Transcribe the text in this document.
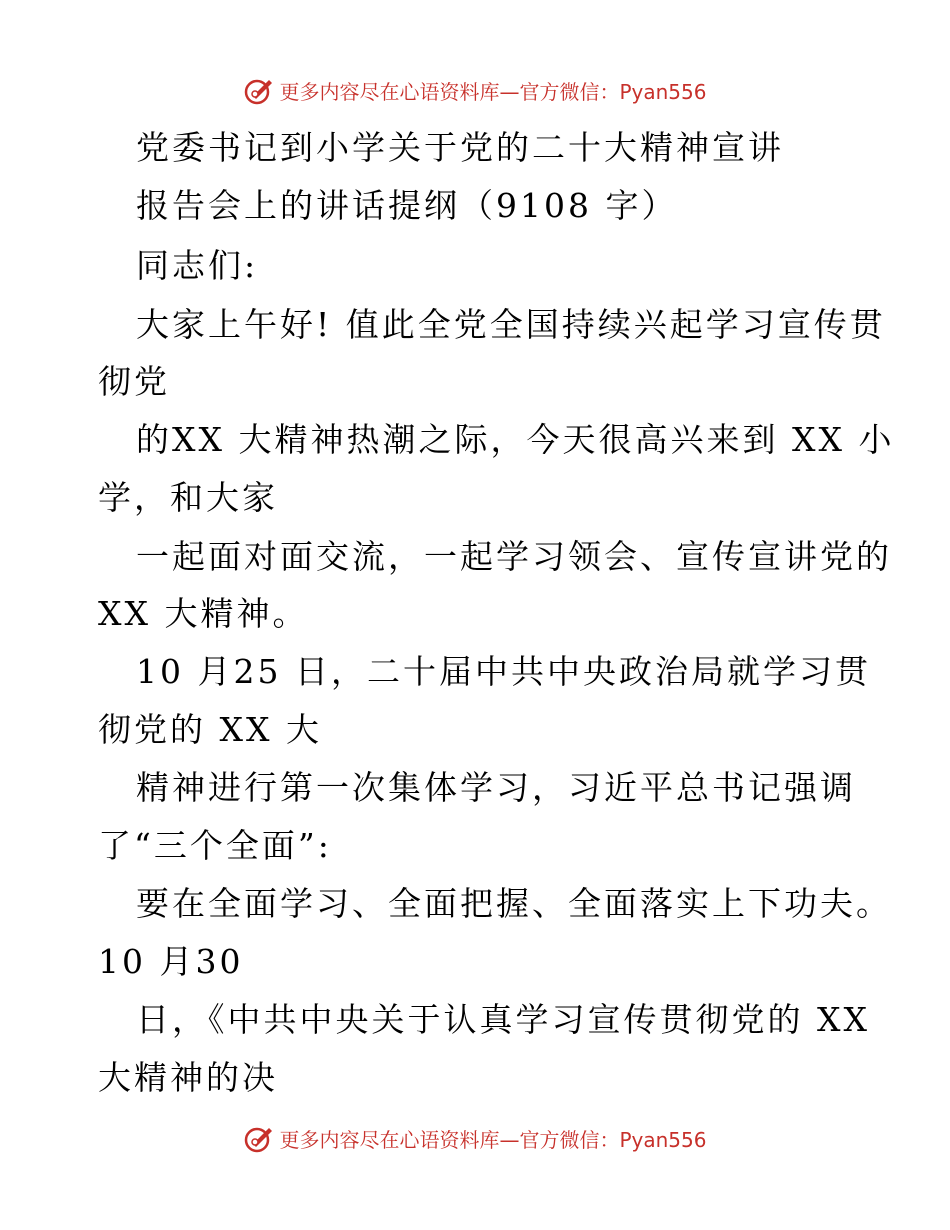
更多内容尽在心语资料库—官方微信：Pyan556
党委书记到小学关于党的二十大精神宣讲
报告会上的讲话提纲（9108 字）
同志们:
大家上午好! 值此全党全国持续兴起学习宣传贯
彻党
的XX 大精神热潮之际，今天很高兴来到 XX 小
学，和大家
一起面对面交流，一起学习领会、宣传宣讲党的
XX 大精神。
10 月25 日，二十届中共中央政治局就学习贯
彻党的 XX 大
精神进行第一次集体学习，习近平总书记强调
了“三个全面”:
要在全面学习、全面把握、全面落实上下功夫。
10 月30
日，《中共中央关于认真学习宣传贯彻党的 XX
大精神的决
更多内容尽在心语资料库—官方微信：Pyan556
